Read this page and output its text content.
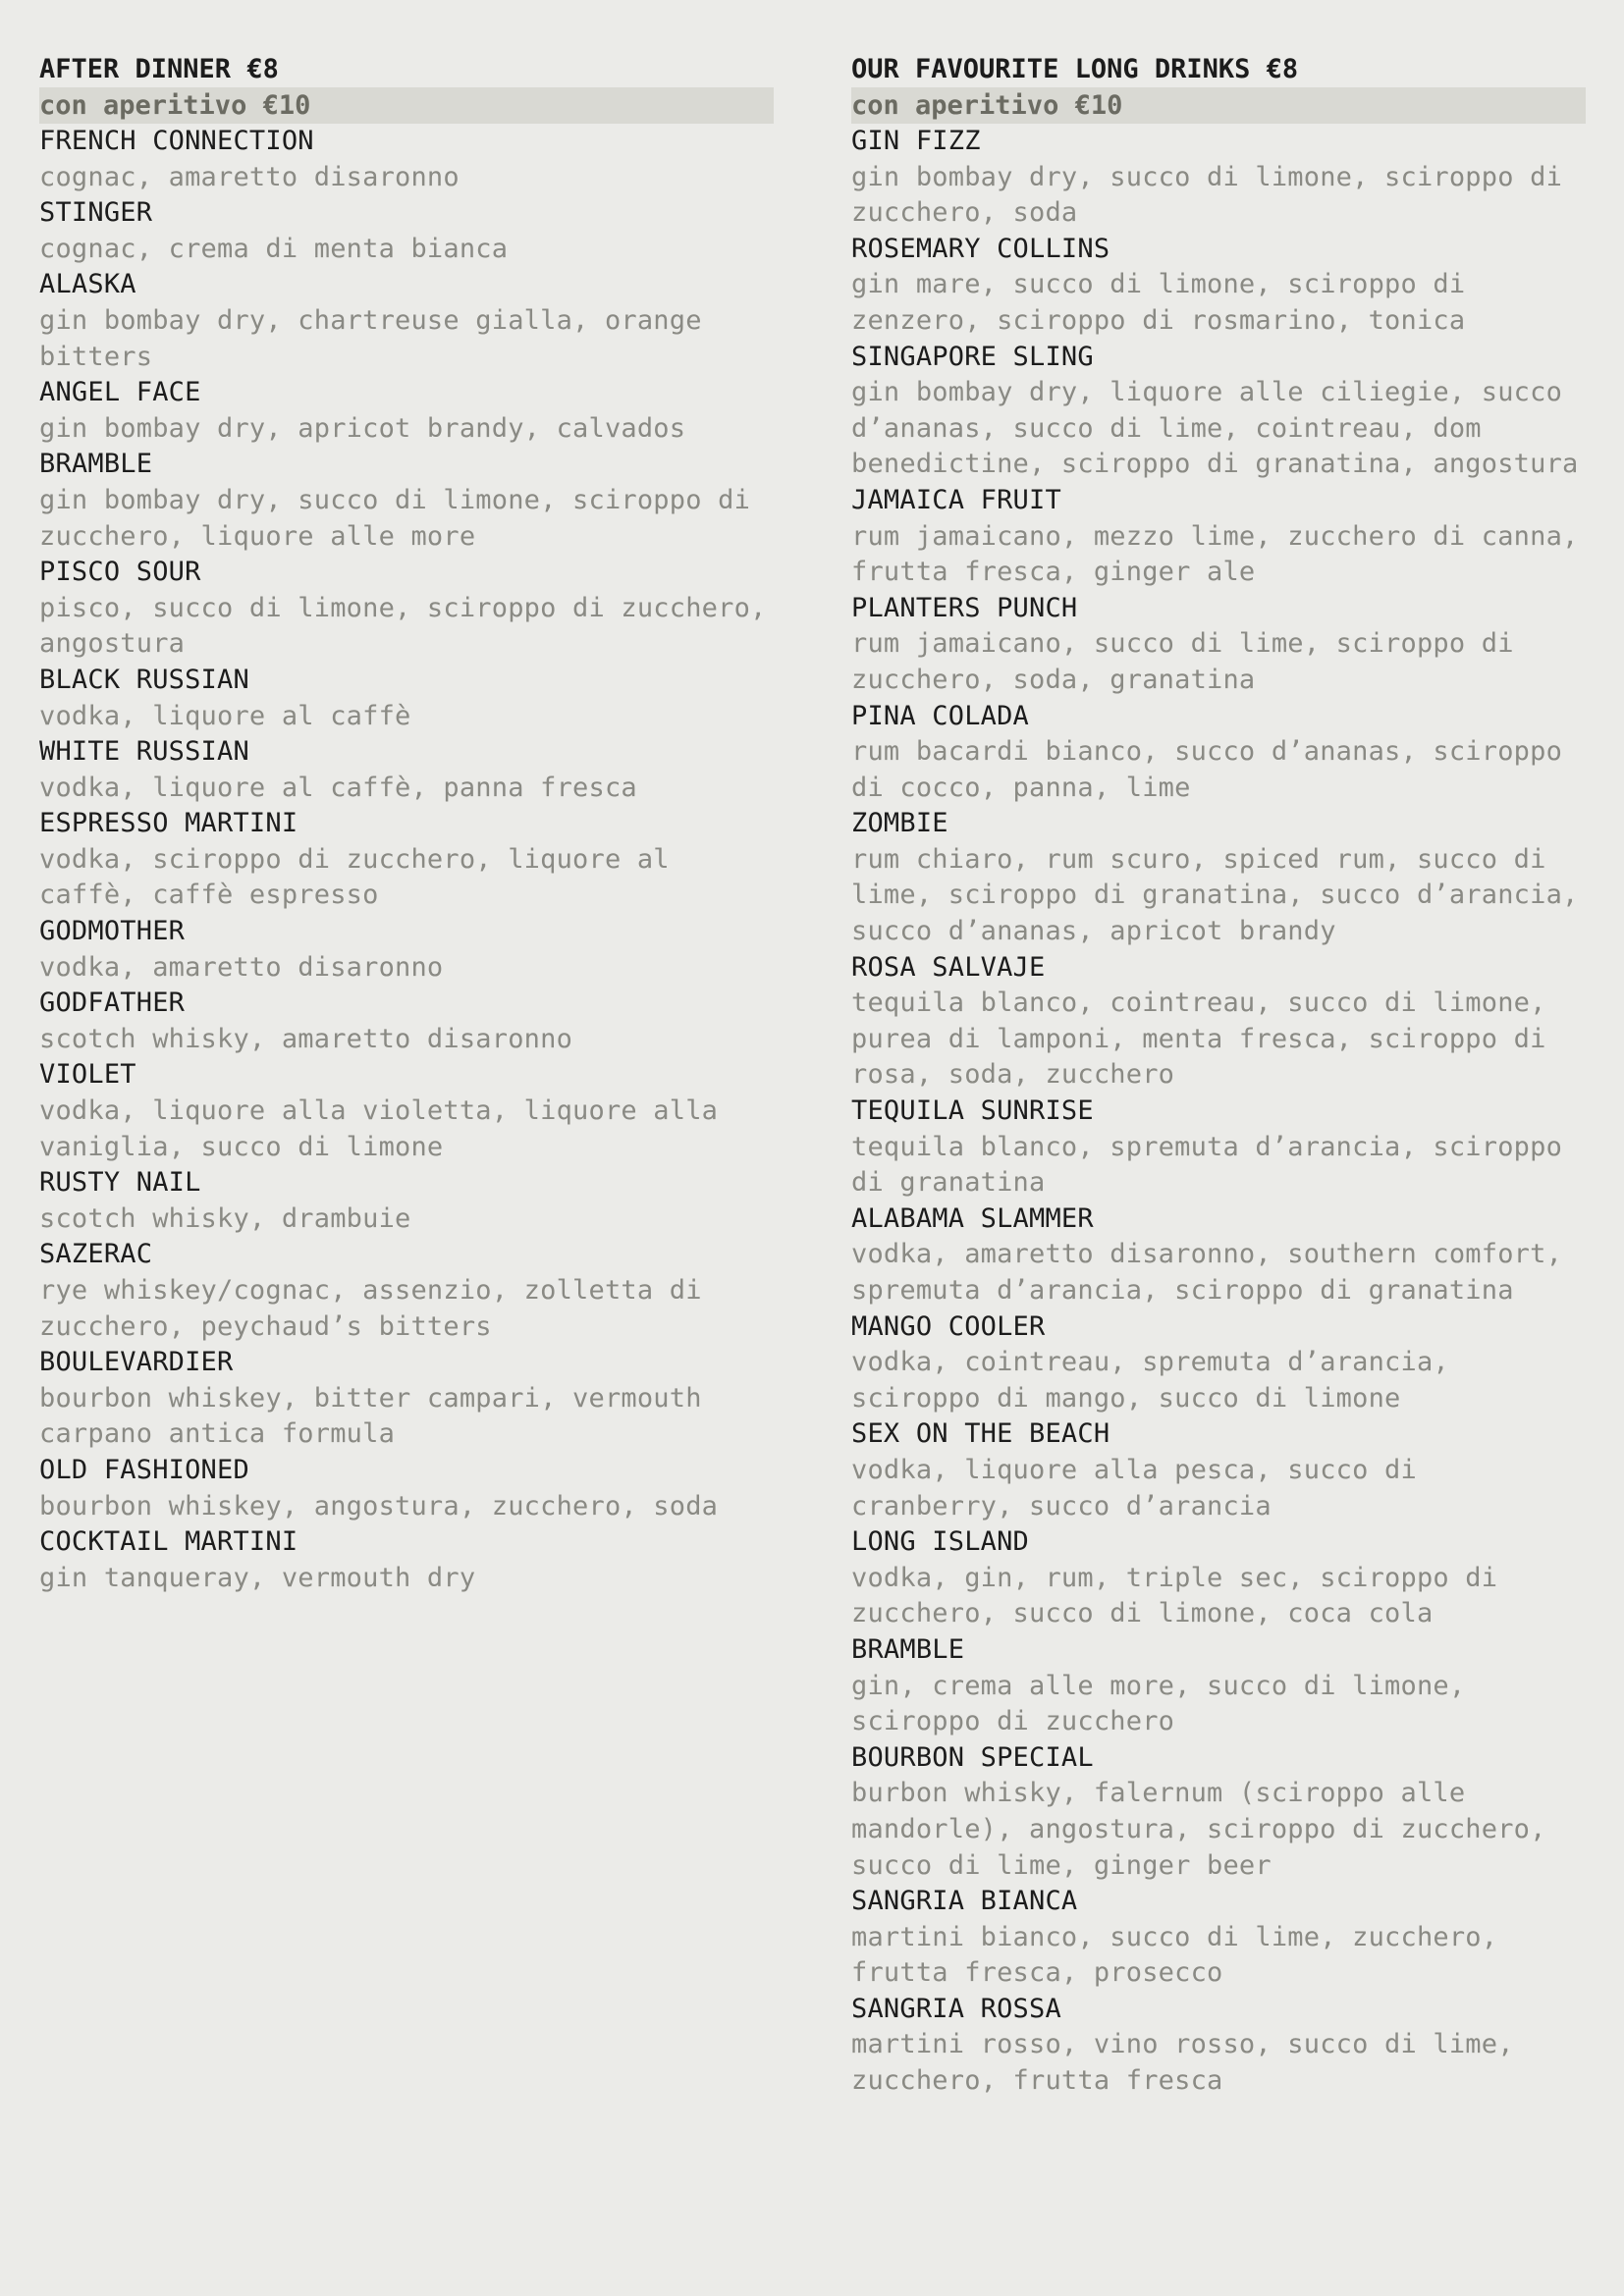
AFTER DINNER €8
con aperitivo €10
FRENCH CONNECTION
cognac, amaretto disaronno
STINGER
cognac, crema di menta bianca
ALASKA
gin bombay dry, chartreuse gialla, orange bitters
ANGEL FACE
gin bombay dry, apricot brandy, calvados
BRAMBLE
gin bombay dry, succo di limone, sciroppo di zucchero, liquore alle more
PISCO SOUR
pisco, succo di limone, sciroppo di zucchero, angostura
BLACK RUSSIAN
vodka, liquore al caffè
WHITE RUSSIAN
vodka, liquore al caffè, panna fresca
ESPRESSO MARTINI
vodka, sciroppo di zucchero, liquore al caffè, caffè espresso
GODMOTHER
vodka, amaretto disaronno
GODFATHER
scotch whisky, amaretto disaronno
VIOLET
vodka, liquore alla violetta, liquore alla vaniglia, succo di limone
RUSTY NAIL
scotch whisky, drambuie
SAZERAC
rye whiskey/cognac, assenzio, zolletta di zucchero, peychaud’s bitters
BOULEVARDIER
bourbon whiskey, bitter campari, vermouth carpano antica formula
OLD FASHIONED
bourbon whiskey, angostura, zucchero, soda
COCKTAIL MARTINI
gin tanqueray, vermouth dry
OUR FAVOURITE LONG DRINKS €8
con aperitivo €10
GIN FIZZ
gin bombay dry, succo di limone, sciroppo di zucchero, soda
ROSEMARY COLLINS
gin mare, succo di limone, sciroppo di zenzero, sciroppo di rosmarino, tonica
SINGAPORE SLING
gin bombay dry, liquore alle ciliegie, succo d’ananas, succo di lime, cointreau, dom benedictine, sciroppo di granatina, angostura
JAMAICA FRUIT
rum jamaicano, mezzo lime, zucchero di canna, frutta fresca, ginger ale
PLANTERS PUNCH
rum jamaicano, succo di lime, sciroppo di zucchero, soda, granatina
PINA COLADA
rum bacardi bianco, succo d’ananas, sciroppo di cocco, panna, lime
ZOMBIE
rum chiaro, rum scuro, spiced rum, succo di lime, sciroppo di granatina, succo d’arancia, succo d’ananas, apricot brandy
ROSA SALVAJE
tequila blanco, cointreau, succo di limone, purea di lamponi, menta fresca, sciroppo di rosa, soda, zucchero
TEQUILA SUNRISE
tequila blanco, spremuta d’arancia, sciroppo di granatina
ALABAMA SLAMMER
vodka, amaretto disaronno, southern comfort, spremuta d’arancia, sciroppo di granatina
MANGO COOLER
vodka, cointreau, spremuta d’arancia, sciroppo di mango, succo di limone
SEX ON THE BEACH
vodka, liquore alla pesca, succo di cranberry, succo d’arancia
LONG ISLAND
vodka, gin, rum, triple sec, sciroppo di zucchero, succo di limone, coca cola
BRAMBLE
gin, crema alle more, succo di limone, sciroppo di zucchero
BOURBON SPECIAL
burbon whisky, falernum (sciroppo alle mandorle), angostura, sciroppo di zucchero, succo di lime, ginger beer
SANGRIA BIANCA
martini bianco, succo di lime, zucchero, frutta fresca, prosecco
SANGRIA ROSSA
martini rosso, vino rosso, succo di lime, zucchero, frutta fresca
